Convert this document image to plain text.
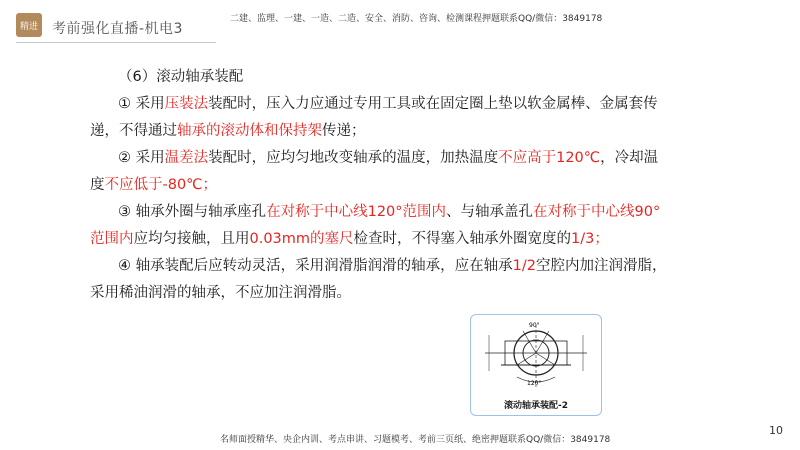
精进 考前强化直播-机电3
二建、监理、一建、一造、二造、安全、消防、咨询、检测课程押题联系QQ/微信：3849178

（6）滚动轴承装配

① 采用压装法装配时，压入力应通过专用工具或在固定圈上垫以软金属棒、金属套传递，不得通过轴承的滚动体和保持架传递；

② 采用温差法装配时，应均匀地改变轴承的温度，加热温度不应高于120℃，冷却温度不应低于-80℃；

③ 轴承外圈与轴承座孔在对称于中心线120°范围内、与轴承盖孔在对称于中心线90°范围内应均匀接触，且用0.03mm的塞尺检查时，不得塞入轴承外圈宽度的1/3；

④ 轴承装配后应转动灵活，采用润滑脂润滑的轴承，应在轴承1/2空腔内加注润滑脂，采用稀油润滑的轴承，不应加注润滑脂。

90°
120°
滚动轴承装配-2
名师面授精华、央企内训、考点串讲、习题模考、考前三页纸、绝密押题联系QQ/微信：3849178
10
